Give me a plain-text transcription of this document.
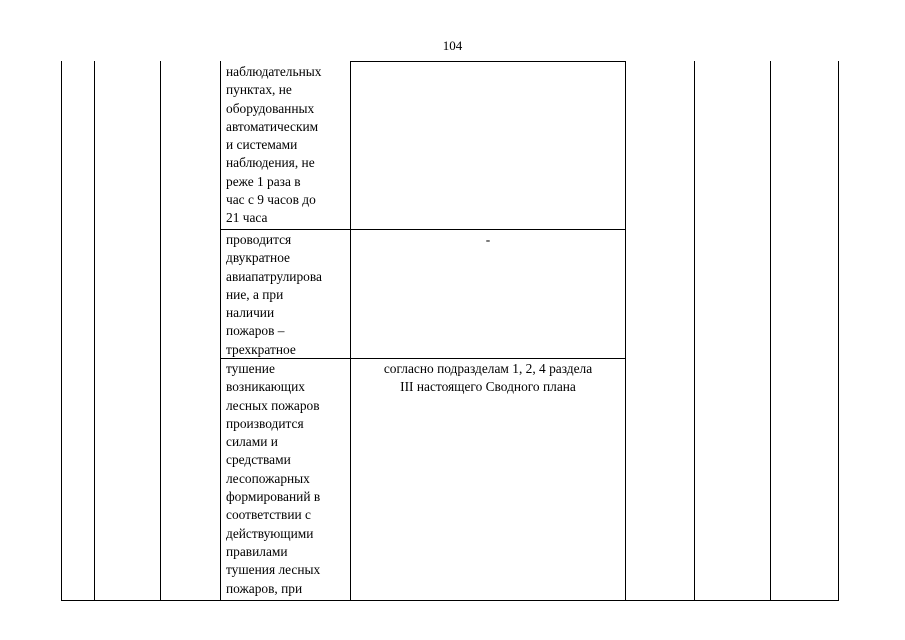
104
наблюдательных
пунктах, не
оборудованных
автоматическим
и системами
наблюдения, не
реже 1 раза в
час с 9 часов до
21 часа
проводится
двукратное
авиапатрулирова
ние, а при
наличии
пожаров –
трехкратное
-
тушение
возникающих
лесных пожаров
производится
силами и
средствами
лесопожарных
формирований в
соответствии с
действующими
правилами
тушения лесных
пожаров, при
согласно подразделам 1, 2, 4 раздела
III настоящего Сводного плана
